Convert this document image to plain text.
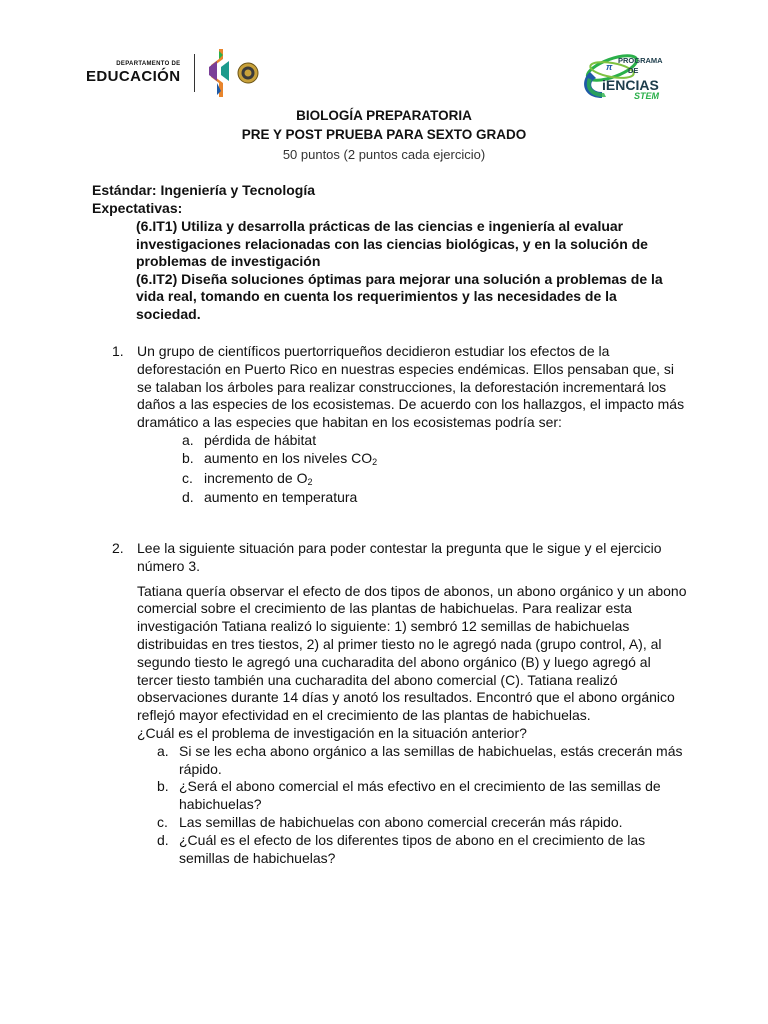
DEPARTAMENTO DE
EDUCACIÓN
π
PROGRAMA
DE
iENCIAS
STEM
BIOLOGÍA PREPARATORIA
PRE Y POST PRUEBA PARA SEXTO GRADO
50 puntos (2 puntos cada ejercicio)
Estándar: Ingeniería y Tecnología
Expectativas:

(6.IT1) Utiliza y desarrolla prácticas de las ciencias e ingeniería al evaluar investigaciones relacionadas con las ciencias biológicas, y en la solución de problemas de investigación

(6.IT2) Diseña soluciones óptimas para mejorar una solución a problemas de la vida real, tomando en cuenta los requerimientos y las necesidades de la sociedad.

1. Un grupo de científicos puertorriqueños decidieron estudiar los efectos de la deforestación en Puerto Rico en nuestras especies endémicas. Ellos pensaban que, si se talaban los árboles para realizar construcciones, la deforestación incrementará los daños a las especies de los ecosistemas. De acuerdo con los hallazgos, el impacto más dramático a las especies que habitan en los ecosistemas podría ser:

a. pérdida de hábitat
b. aumento en los niveles $CO_2$
c. incremento de $O_2$
d. aumento en temperatura
2. Lee la siguiente situación para poder contestar la pregunta que le sigue y el ejercicio número 3.

Tatiana quería observar el efecto de dos tipos de abonos, un abono orgánico y un abono comercial sobre el crecimiento de las plantas de habichuelas. Para realizar esta investigación Tatiana realizó lo siguiente: 1) sembró 12 semillas de habichuelas distribuidas en tres tiestos, 2) al primer tiesto no le agregó nada (grupo control, A), al segundo tiesto le agregó una cucharadita del abono orgánico (B) y luego agregó al tercer tiesto también una cucharadita del abono comercial (C). Tatiana realizó observaciones durante 14 días y anotó los resultados. Encontró que el abono orgánico reflejó mayor efectividad en el crecimiento de las plantas de habichuelas.

¿Cuál es el problema de investigación en la situación anterior?

a. Si se les echa abono orgánico a las semillas de habichuelas, estás crecerán más rápido.
b. ¿Será el abono comercial el más efectivo en el crecimiento de las semillas de habichuelas?
c. Las semillas de habichuelas con abono comercial crecerán más rápido.
d. ¿Cuál es el efecto de los diferentes tipos de abono en el crecimiento de las semillas de habichuelas?
